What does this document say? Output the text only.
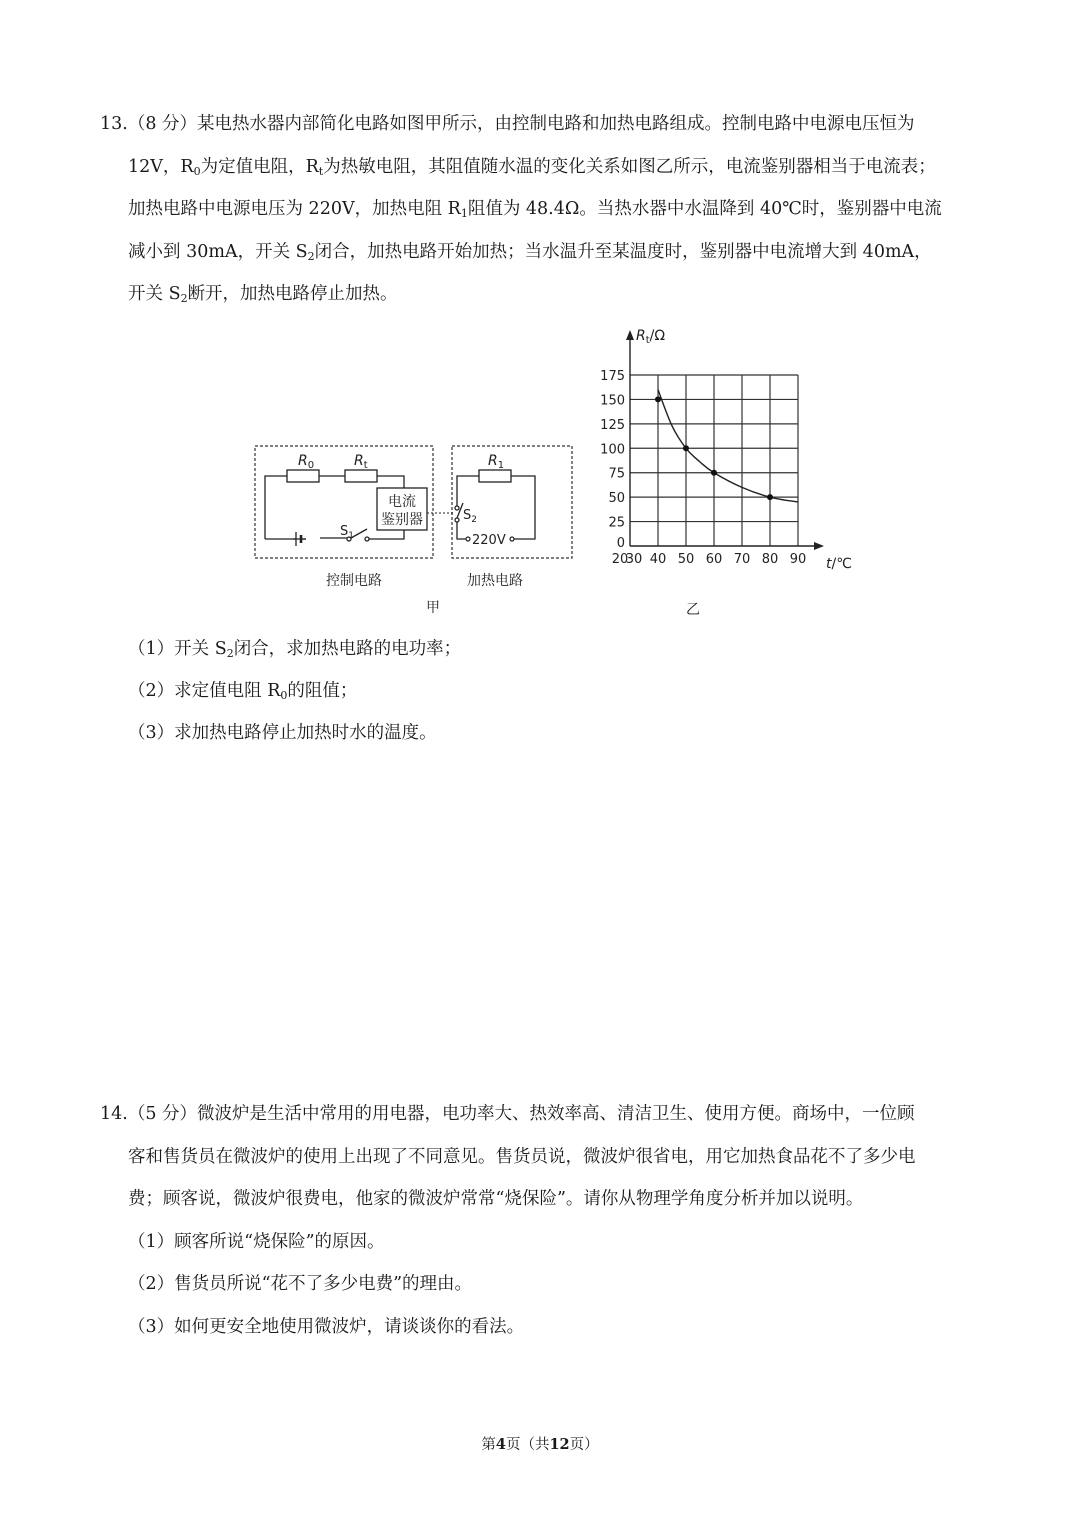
13.（8 分）某电热水器内部简化电路如图甲所示，由控制电路和加热电路组成。控制电路中电源电压恒为
12V，$R_0$为定值电阻，$R_t$为热敏电阻，其阻值随水温的变化关系如图乙所示，电流鉴别器相当于电流表；
加热电路中电源电压为 220V，加热电阻 $R_1$阻值为 48.4Ω。当热水器中水温降到 40℃时，鉴别器中电流
减小到 30mA，开关 $S_2$闭合，加热电路开始加热；当水温升至某温度时，鉴别器中电流增大到 40mA，
开关 $S_2$断开，加热电路停止加热。
$R_0$	$R_t$	$R_1$
电流
鉴别器
$S_1$
$S_2$
220V
控制电路	加热电路
甲
20
30 40 50 60 70 80 90
0
25
50
75
100
125
150
175
$R_t/\Omega$
t/℃
乙
（1）开关 $S_2$闭合，求加热电路的电功率；
（2）求定值电阻 $R_0$的阻值；
（3）求加热电路停止加热时水的温度。
14.（5 分）微波炉是生活中常用的用电器，电功率大、热效率高、清洁卫生、使用方便。商场中，一位顾
客和售货员在微波炉的使用上出现了不同意见。售货员说，微波炉很省电，用它加热食品花不了多少电
费；顾客说，微波炉很费电，他家的微波炉常常“烧保险”。请你从物理学角度分析并加以说明。
（1）顾客所说“烧保险”的原因。
（2）售货员所说“花不了多少电费”的理由。
（3）如何更安全地使用微波炉，请谈谈你的看法。
第4页（共12页）
